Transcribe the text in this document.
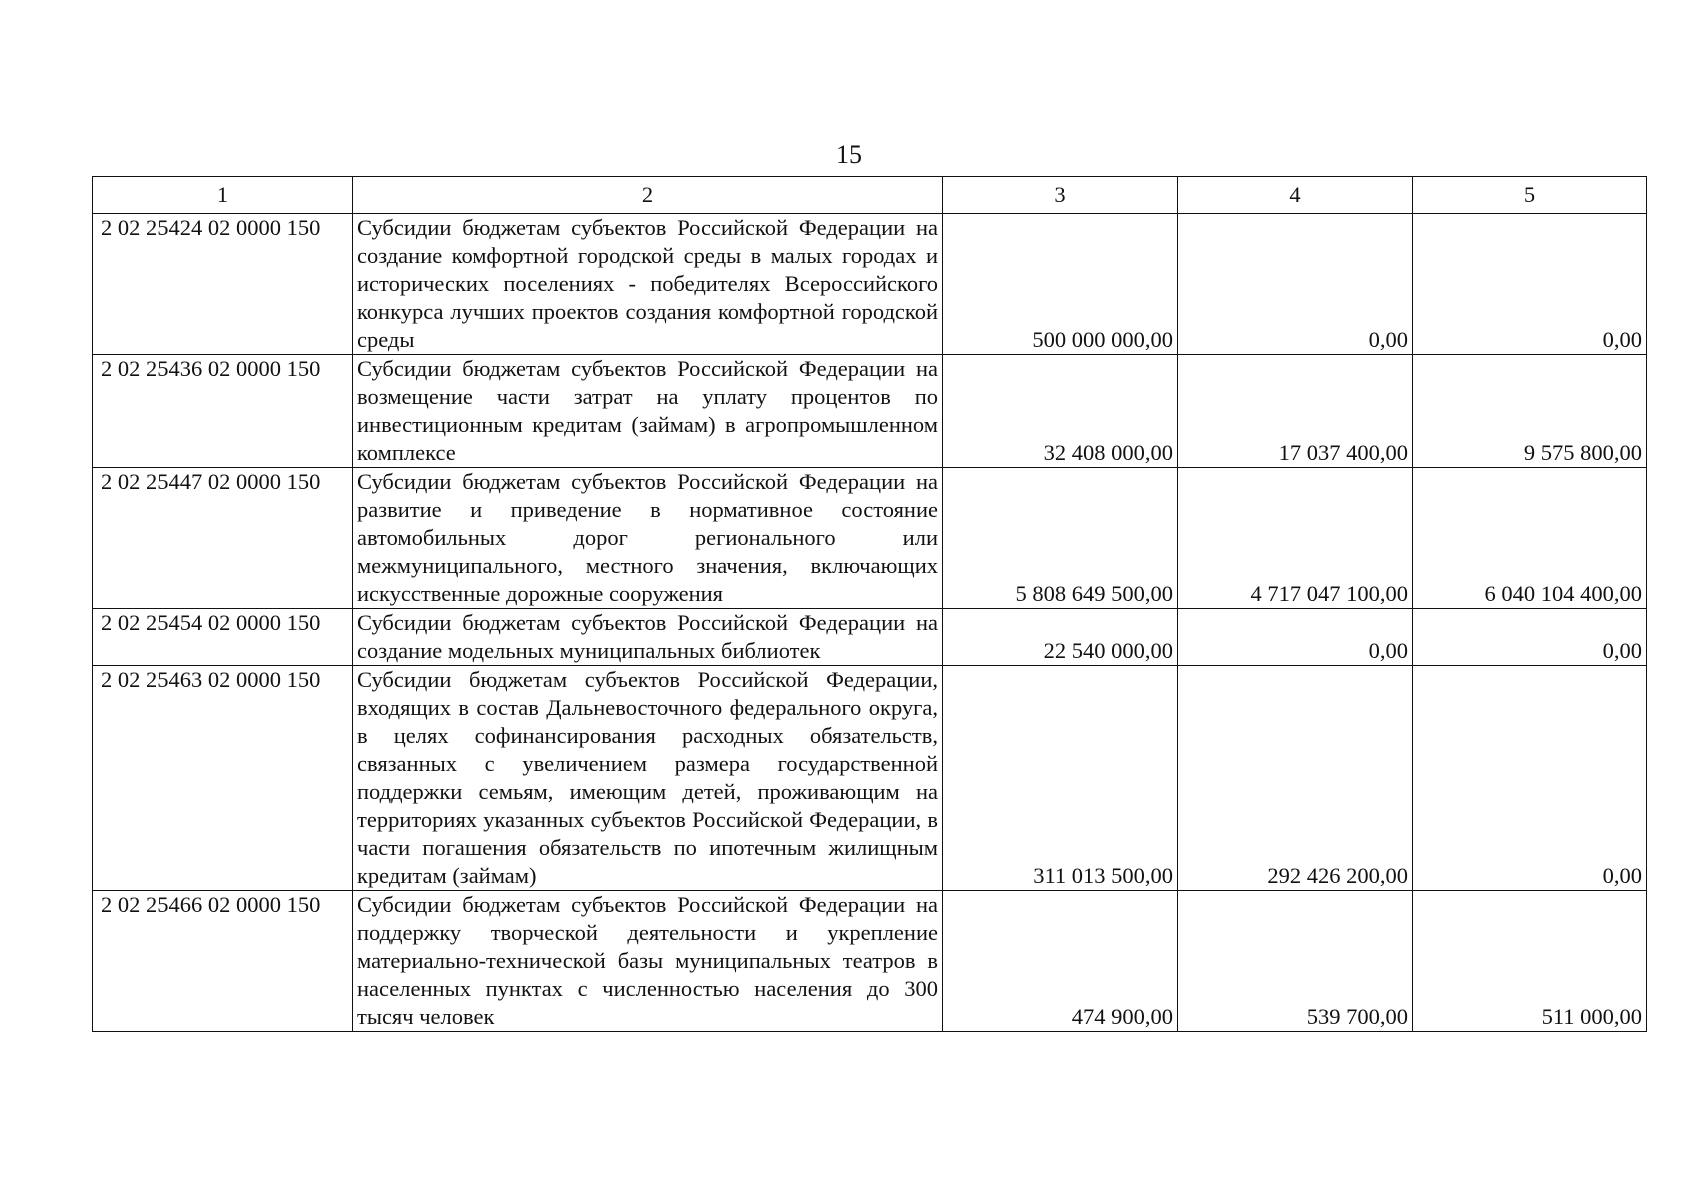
15
1	2	3	4	5
2 02 25424 02 0000 150	Субсидии бюджетам субъектов Российской Федерации на создание комфортной городской среды в малых городах и исторических поселениях - победителях Всероссийского конкурса лучших проектов создания комфортной городской среды	500 000 000,00	0,00	0,00
2 02 25436 02 0000 150	Субсидии бюджетам субъектов Российской Федерации на возмещение части затрат на уплату процентов по инвестиционным кредитам (займам) в агропромышленном комплексе	32 408 000,00	17 037 400,00	9 575 800,00
2 02 25447 02 0000 150	Субсидии бюджетам субъектов Российской Федерации на развитие и приведение в нормативное состояние автомобильных дорог регионального или межмуниципального, местного значения, включающих искусственные дорожные сооружения	5 808 649 500,00	4 717 047 100,00	6 040 104 400,00
2 02 25454 02 0000 150	Субсидии бюджетам субъектов Российской Федерации на создание модельных муниципальных библиотек	22 540 000,00	0,00	0,00
2 02 25463 02 0000 150	Субсидии бюджетам субъектов Российской Федерации, входящих в состав Дальневосточного федерального округа, в целях софинансирования расходных обязательств, связанных с увеличением размера государственной поддержки семьям, имеющим детей, проживающим на территориях указанных субъектов Российской Федерации, в части погашения обязательств по ипотечным жилищным кредитам (займам)	311 013 500,00	292 426 200,00	0,00
2 02 25466 02 0000 150	Субсидии бюджетам субъектов Российской Федерации на поддержку творческой деятельности и укрепление материально-технической базы муниципальных театров в населенных пунктах с численностью населения до 300 тысяч человек	474 900,00	539 700,00	511 000,00
